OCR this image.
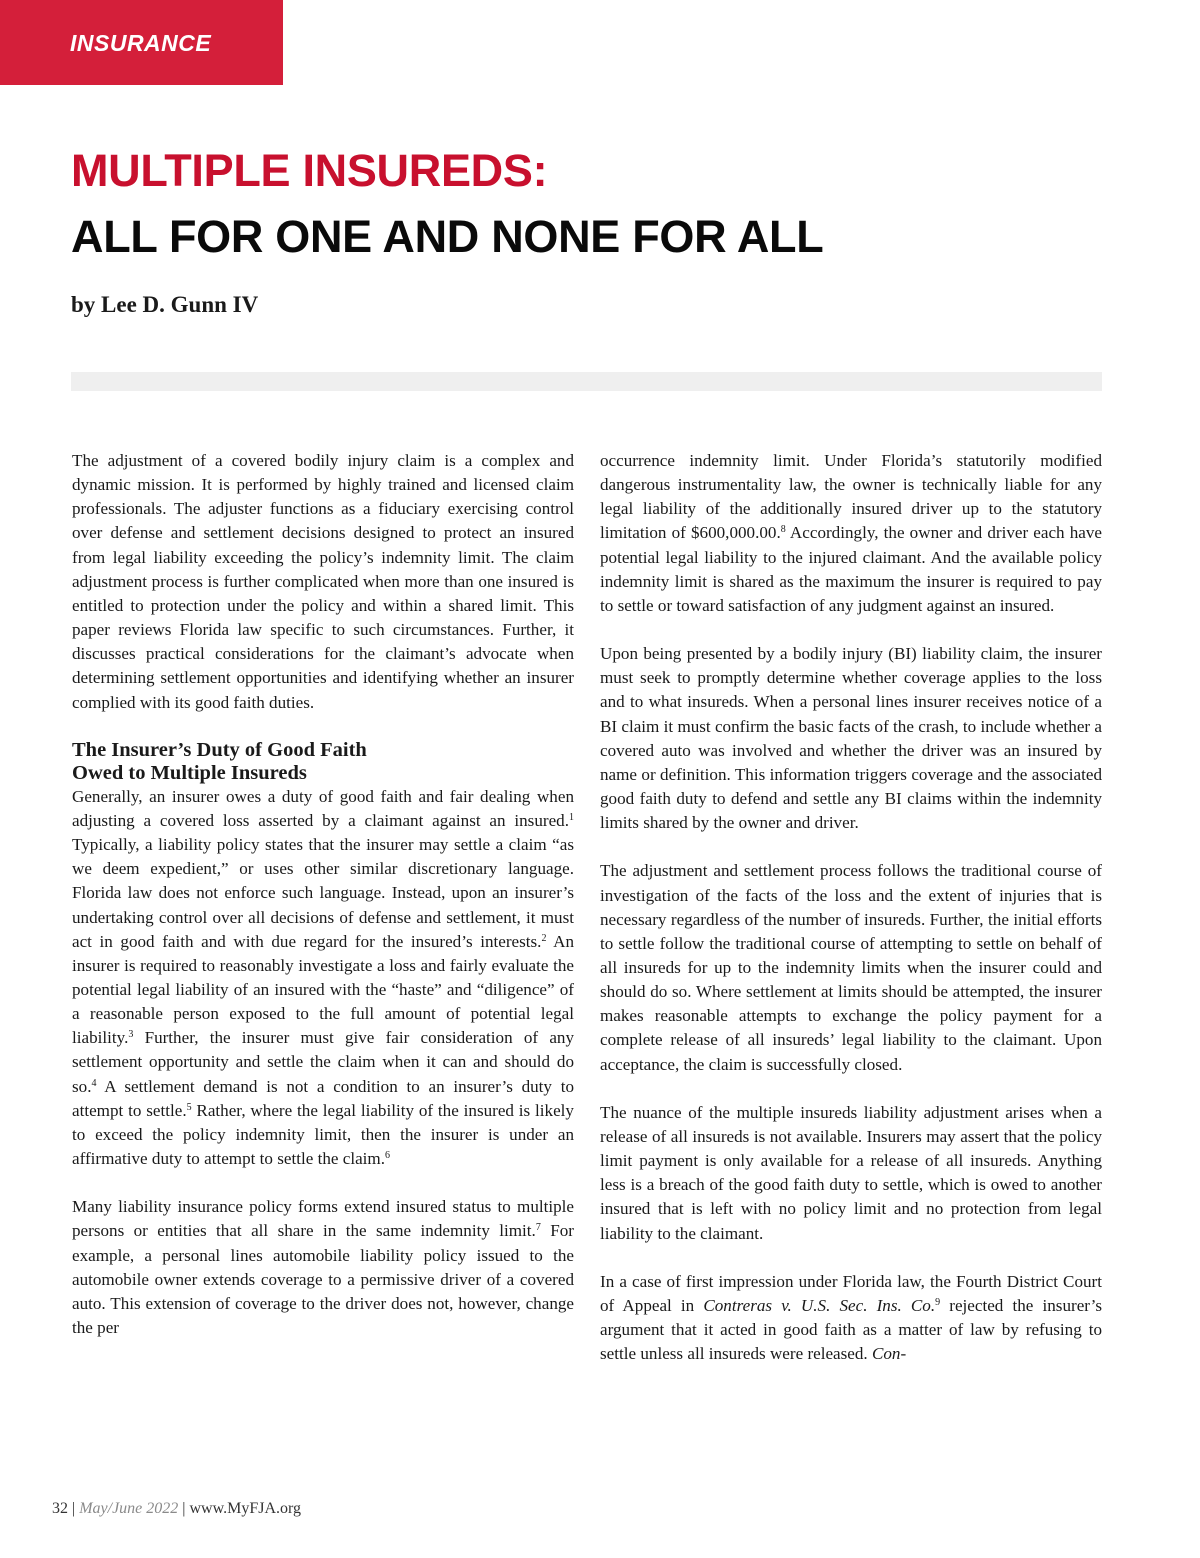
INSURANCE
MULTIPLE INSUREDS:
ALL FOR ONE AND NONE FOR ALL
by Lee D. Gunn IV

The adjustment of a covered bodily injury claim is a complex and dynamic mission. It is performed by highly trained and licensed claim professionals. The adjuster functions as a fiduciary exercising control over defense and settlement decisions designed to protect an insured from legal liability exceeding the policy’s indemnity limit. The claim adjustment process is further complicated when more than one insured is entitled to protection under the policy and within a shared limit. This paper reviews Florida law specific to such circumstances. Further, it discusses practical considerations for the claimant’s advocate when determining settlement opportunities and identifying whether an insurer complied with its good faith duties.

The Insurer’s Duty of Good Faith
Owed to Multiple Insureds

Generally, an insurer owes a duty of good faith and fair dealing when adjusting a covered loss asserted by a claimant against an insured.$^1$ Typically, a liability policy states that the insurer may settle a claim “as we deem expedient,” or uses other similar discretionary language. Florida law does not enforce such language. Instead, upon an insurer’s undertaking control over all decisions of defense and settlement, it must act in good faith and with due regard for the insured’s interests.$^2$ An insurer is required to reasonably investigate a loss and fairly evaluate the potential legal liability of an insured with the “haste” and “diligence” of a reasonable person exposed to the full amount of potential legal liability.$^3$ Further, the insurer must give fair consideration of any settlement opportunity and settle the claim when it can and should do so.$^4$ A settlement demand is not a condition to an insurer’s duty to attempt to settle.$^5$ Rather, where the legal liability of the insured is likely to exceed the policy indemnity limit, then the insurer is under an affirmative duty to attempt to settle the claim.$^6$

Many liability insurance policy forms extend insured status to multiple persons or entities that all share in the same indemnity limit.$^7$ For example, a personal lines automobile liability policy issued to the automobile owner extends coverage to a permissive driver of a covered auto. This extension of coverage to the driver does not, however, change the per

occurrence indemnity limit. Under Florida’s statutorily modified dangerous instrumentality law, the owner is technically liable for any legal liability of the additionally insured driver up to the statutory limitation of $600,000.00.$^8$ Accordingly, the owner and driver each have potential legal liability to the injured claimant. And the available policy indemnity limit is shared as the maximum the insurer is required to pay to settle or toward satisfaction of any judgment against an insured.

Upon being presented by a bodily injury (BI) liability claim, the insurer must seek to promptly determine whether coverage applies to the loss and to what insureds. When a personal lines insurer receives notice of a BI claim it must confirm the basic facts of the crash, to include whether a covered auto was involved and whether the driver was an insured by name or definition. This information triggers coverage and the associated good faith duty to defend and settle any BI claims within the indemnity limits shared by the owner and driver.

The adjustment and settlement process follows the traditional course of investigation of the facts of the loss and the extent of injuries that is necessary regardless of the number of insureds. Further, the initial efforts to settle follow the traditional course of attempting to settle on behalf of all insureds for up to the indemnity limits when the insurer could and should do so. Where settlement at limits should be attempted, the insurer makes reasonable attempts to exchange the policy payment for a complete release of all insureds’ legal liability to the claimant. Upon acceptance, the claim is successfully closed.

The nuance of the multiple insureds liability adjustment arises when a release of all insureds is not available. Insurers may assert that the policy limit payment is only available for a release of all insureds. Anything less is a breach of the good faith duty to settle, which is owed to another insured that is left with no policy limit and no protection from legal liability to the claimant.

In a case of first impression under Florida law, the Fourth District Court of Appeal in Contreras v. U.S. Sec. Ins. Co.$^9$ rejected the insurer’s argument that it acted in good faith as a matter of law by refusing to settle unless all insureds were released. Con-

32 | May/June 2022 | www.MyFJA.org
